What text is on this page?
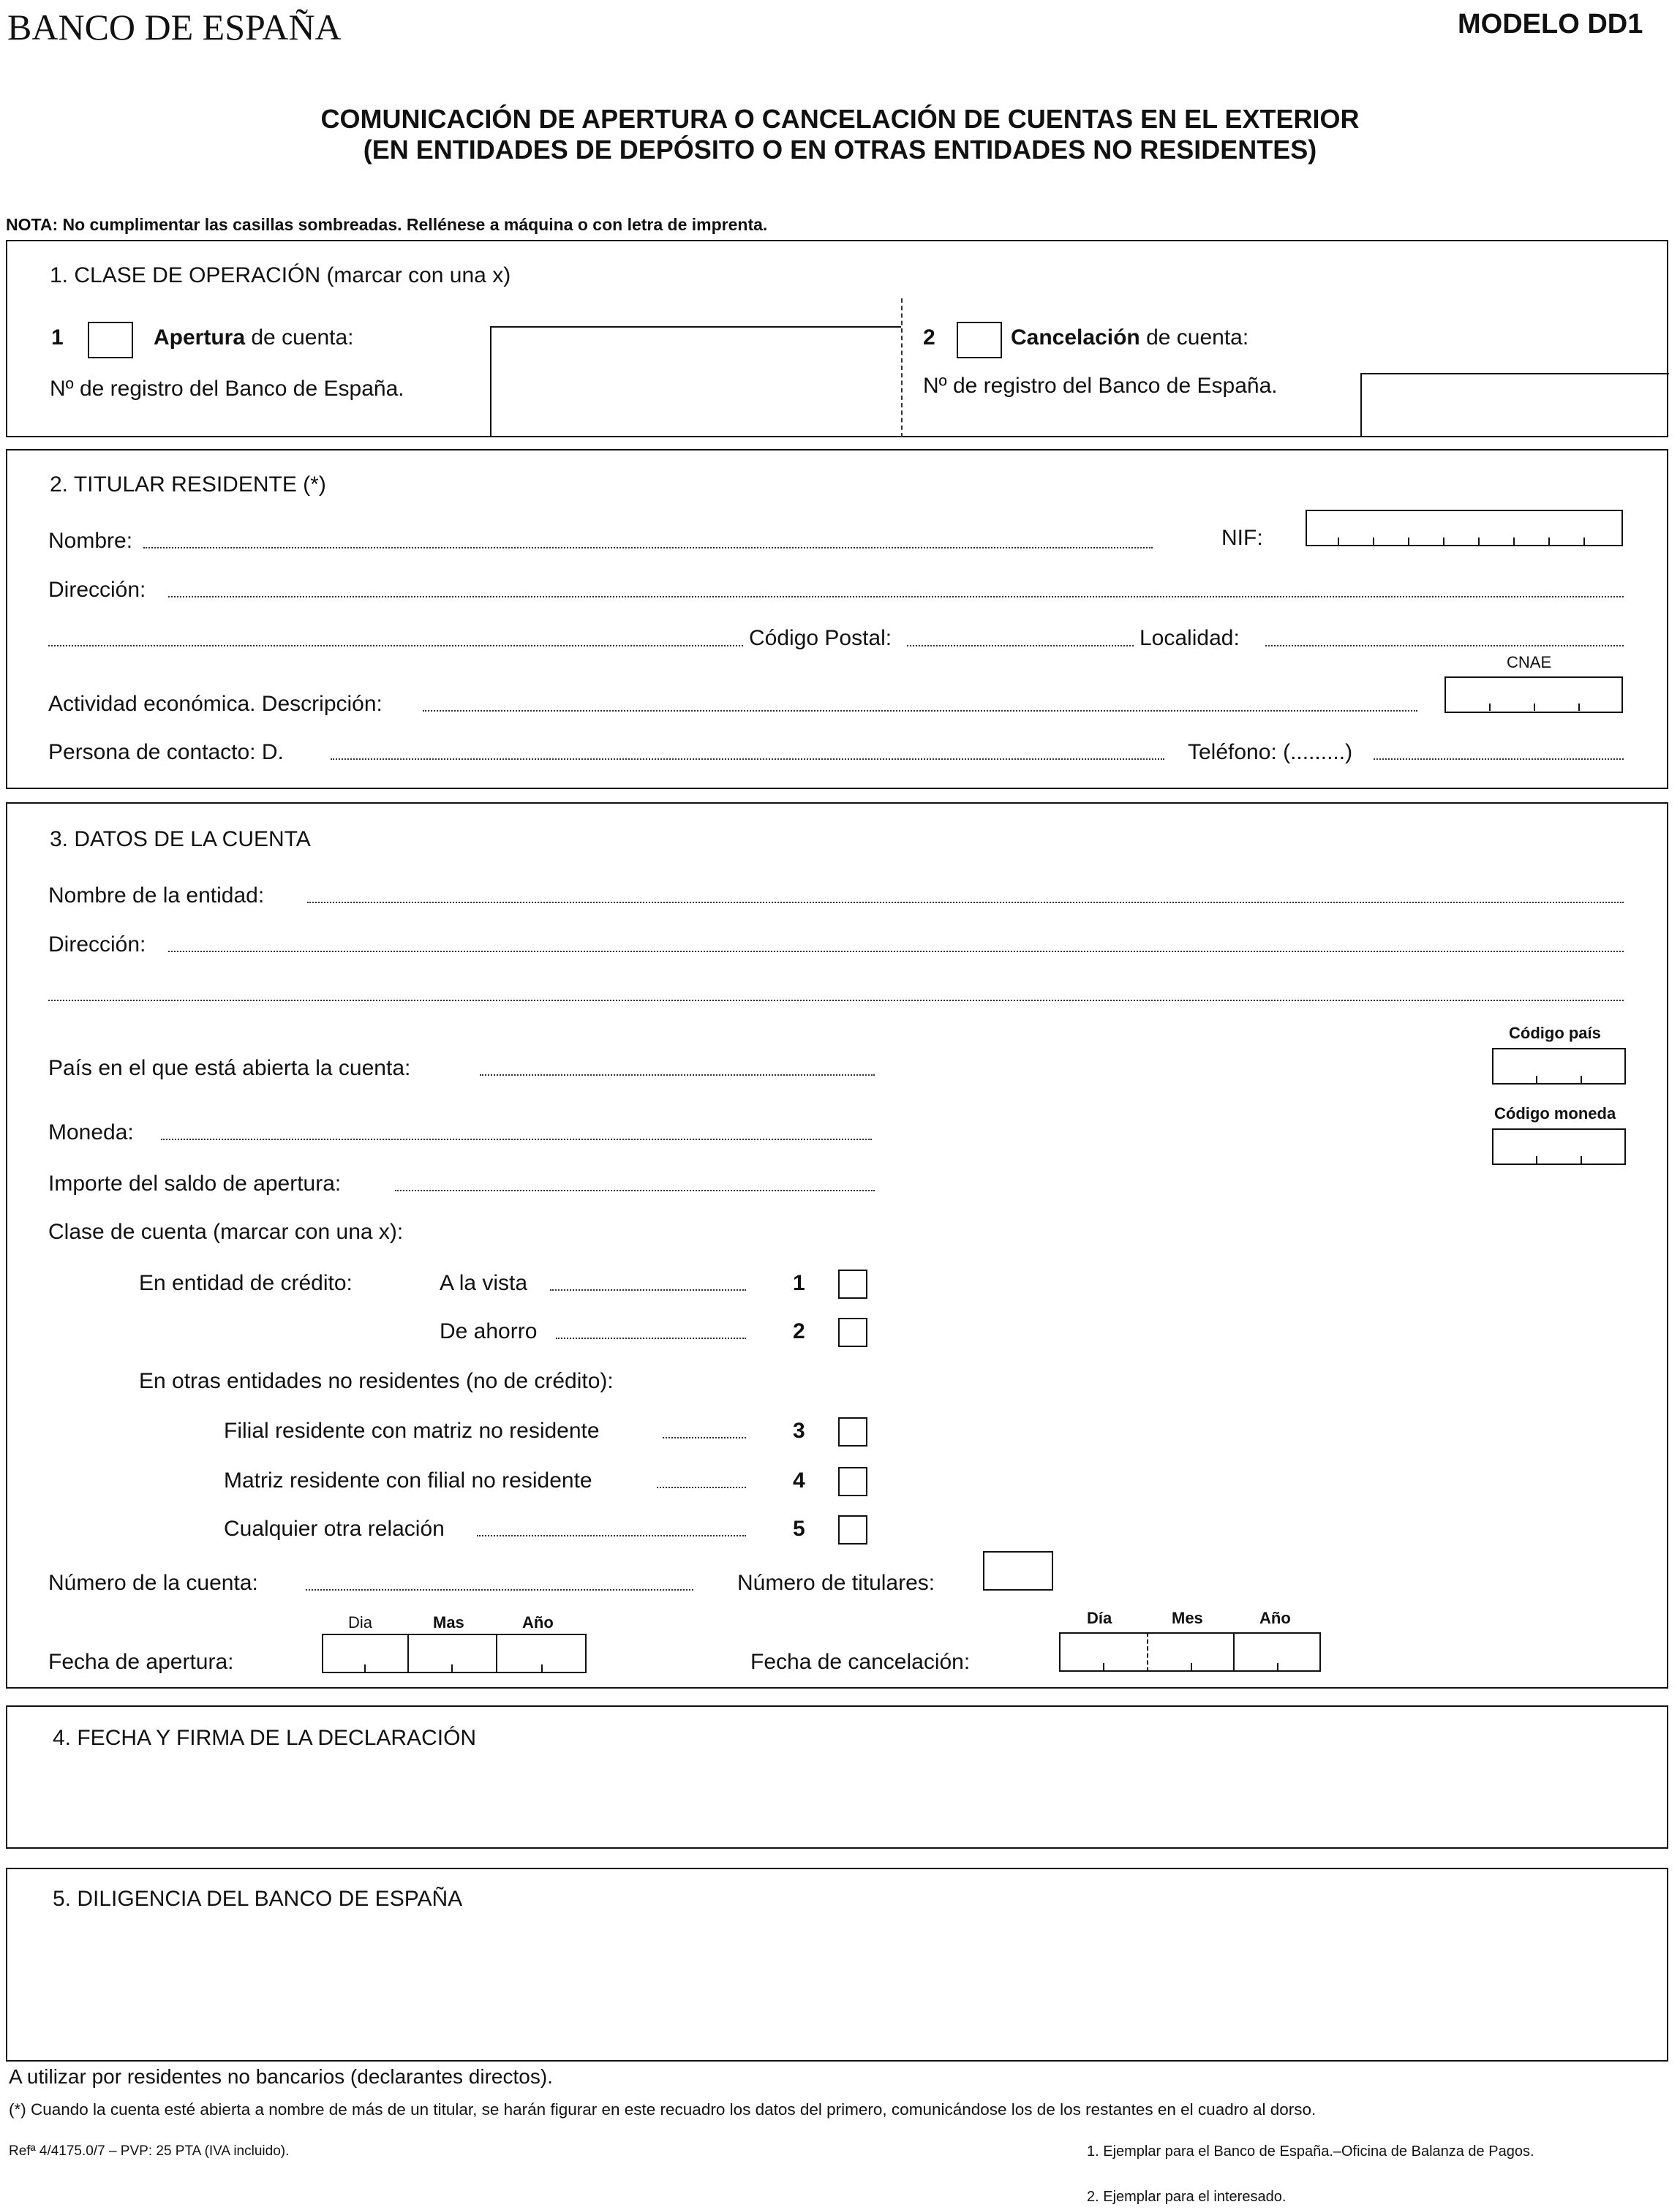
BANCO DE ESPAÑA	MODELO DD1
COMUNICACIÓN DE APERTURA O CANCELACIÓN DE CUENTAS EN EL EXTERIOR
(EN ENTIDADES DE DEPÓSITO O EN OTRAS ENTIDADES NO RESIDENTES)
NOTA: No cumplimentar las casillas sombreadas. Rellénese a máquina o con letra de imprenta.
1. CLASE DE OPERACIÓN (marcar con una x)
1	Apertura de cuenta:
Nº de registro del Banco de España.
2	Cancelación de cuenta:
Nº de registro del Banco de España.
2. TITULAR RESIDENTE (*)
Nombre:	NIF:
Dirección:
Código Postal:	Localidad:
CNAE
Actividad económica. Descripción:
Persona de contacto: D.	Teléfono: (.........)
3. DATOS DE LA CUENTA
Nombre de la entidad:
Dirección:
Código país
País en el que está abierta la cuenta:
Código moneda
Moneda:
Importe del saldo de apertura:
Clase de cuenta (marcar con una x):
En entidad de crédito:	A la vista	1
De ahorro	2
En otras entidades no residentes (no de crédito):
Filial residente con matriz no residente	3
Matriz residente con filial no residente	4
Cualquier otra relación	5
Número de la cuenta:	Número de titulares:
Dia	Mas	Año
Fecha de apertura:
Día	Mes	Año
Fecha de cancelación:
4. FECHA Y FIRMA DE LA DECLARACIÓN
5. DILIGENCIA DEL BANCO DE ESPAÑA
A utilizar por residentes no bancarios (declarantes directos).
(*) Cuando la cuenta esté abierta a nombre de más de un titular, se harán figurar en este recuadro los datos del primero, comunicándose los de los restantes en el cuadro al dorso.
Refª 4/4175.0/7 – PVP: 25 PTA (IVA incluido).	1. Ejemplar para el Banco de España.–Oficina de Balanza de Pagos.
2. Ejemplar para el interesado.
